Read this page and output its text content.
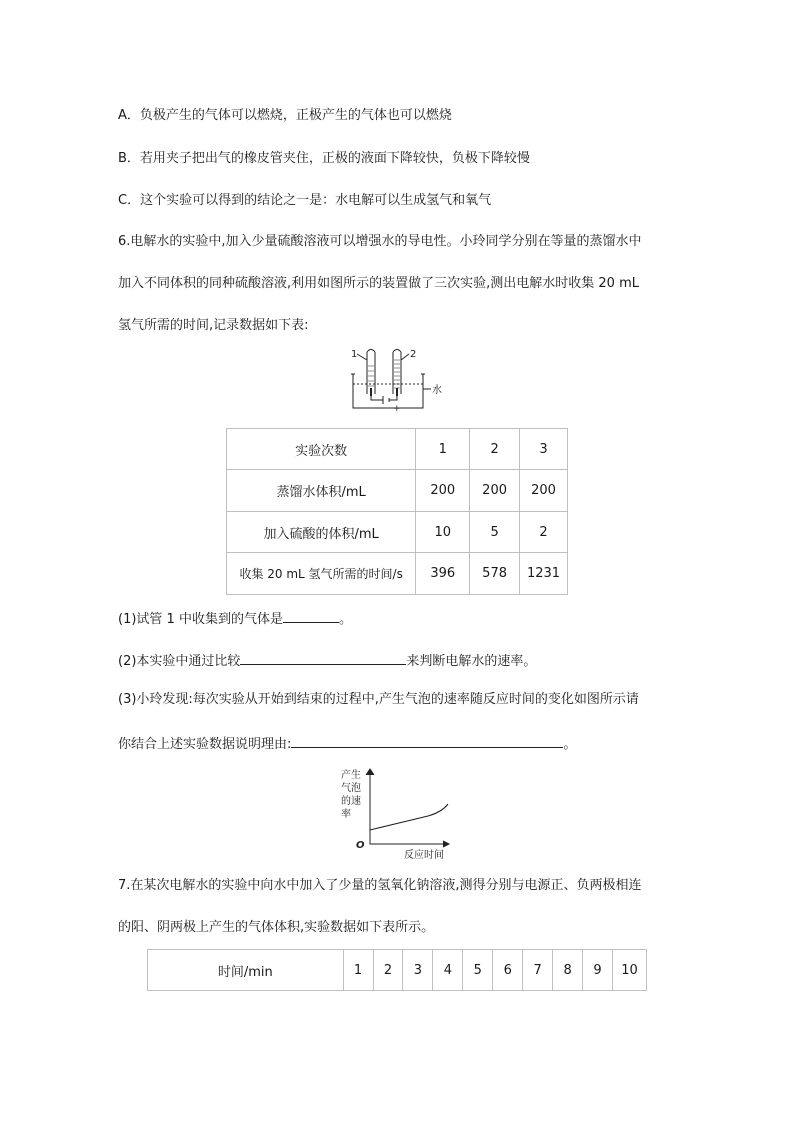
A．负极产生的气体可以燃烧，正极产生的气体也可以燃烧
B．若用夹子把出气的橡皮管夹住，正极的液面下降较快，负极下降较慢
C．这个实验可以得到的结论之一是：水电解可以生成氢气和氧气
6.电解水的实验中,加入少量硫酸溶液可以增强水的导电性。小玲同学分别在等量的蒸馏水中
加入不同体积的同种硫酸溶液,利用如图所示的装置做了三次实验,测出电解水时收集 20 mL
氢气所需的时间,记录数据如下表:
1	2
水
− +
实验次数	1	2	3
蒸馏水体积/mL	200	200	200
加入硫酸的体积/mL	10	5	2
收集 20 mL 氢气所需的时间/s	396	578	1231
(1)试管 1 中收集到的气体是	。
(2)本实验中通过比较	来判断电解水的速率。
(3)小玲发现:每次实验从开始到结束的过程中,产生气泡的速率随反应时间的变化如图所示请
你结合上述实验数据说明理由:	。
产生
气泡
的速
率
O
反应时间
7.在某次电解水的实验中向水中加入了少量的氢氧化钠溶液,测得分别与电源正、负两极相连
的阳、阴两极上产生的气体体积,实验数据如下表所示。
时间/min	1	2	3	4	5	6	7	8	9	10
